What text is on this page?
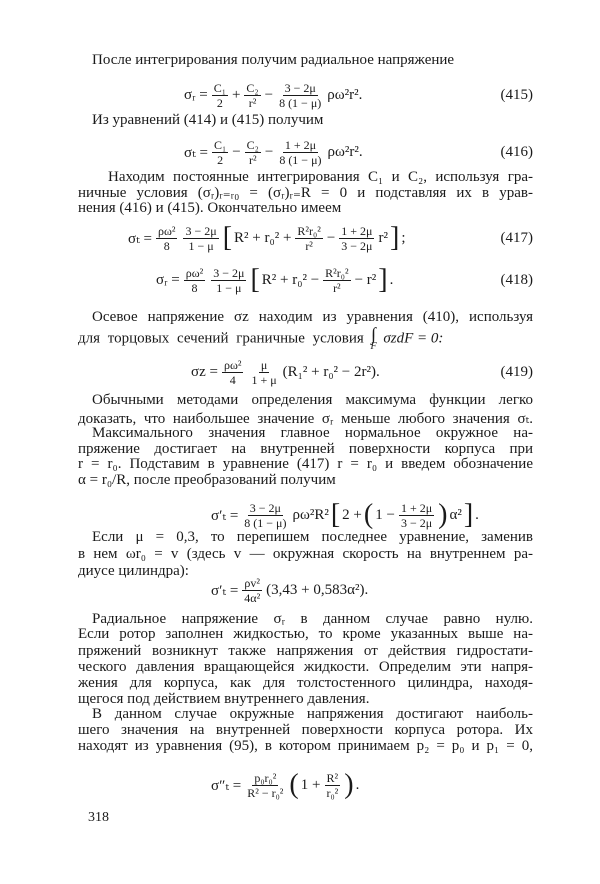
После интегрирования получим радиальное напряжение
σᵣ = $\frac{\text{C₁}}{2} + \frac{\text{C₂}}{\text{r²}} - \frac{3 - 2\mu}{8 (1 - \mu)} \rho\omega^2r^2$.	(415)
Из уравнений (414) и (415) получим
$\sigma_t = \frac{\text{C₁}}{2} - \frac{\text{C₂}}{\text{r²}} - \frac{1 + 2\mu}{8 (1 - \mu)} \rho\omega^2r^2$.	(416)
Находим постоянные интегрирования C₁ и C₂, используя гра-
ничные условия (σᵣ)ᵣ₌ᵣ₀ = (σᵣ)ᵣ₌R = 0 и подставляя их в урав-
нения (416) и (415). Окончательно имеем
$\sigma_t = \frac{\text{ρω²}}{8} \frac{3 - 2\mu}{1 - \mu}$ [ $R^2 + r_0^2 + \frac{\text{R²r₀²}}{\text{r²}} - \frac{1 + 2\mu}{3 - 2\mu} r^2$ ] ;	(417)
σᵣ = $\frac{\text{ρω²}}{8} \frac{3 - 2\mu}{1 - \mu}$ [ $R^2 + r_0^2 - \frac{\text{R²r₀²}}{\text{r²}} - r^2$ ] .	(418)
Осевое напряжение σz находим из уравнения (410), используя
для торцовых сечений граничные условия ∫
F
σzdF = 0:
$\sigma z = \frac{\text{ρω²}}{4} \frac{\mu}{1 + \mu} (R_1^2 + r_0^2 - 2r^2)$.	(419)
Обычными методами определения максимума функции легко
доказать, что наибольшее значение σᵣ меньше любого значения σₜ.
Максимального значения главное нормальное окружное на-
пряжение достигает на внутренней поверхности корпуса при
r = r₀. Подставим в уравнение (417) r = r₀ и введем обозначение
α = r₀/R, после преобразований получим
$\sigma'_t = \frac{3 - 2\mu}{8 (1 - \mu)} \rho\omega^2R^2$ [ 2 + ( $1 - \frac{1 + 2\mu}{3 - 2\mu}$ ) α² ] .
Если μ = 0,3, то перепишем последнее уравнение, заменив
в нем ωr₀ = v (здесь v — окружная скорость на внутреннем ра-
диусе цилиндра):
$\sigma'_t = \frac{\text{ρv²}}{\text{4α²}} (3,43 + 0,583\alpha^2)$.
Радиальное напряжение σᵣ в данном случае равно нулю.
Если ротор заполнен жидкостью, то кроме указанных выше на-
пряжений возникнут также напряжения от действия гидростати-
ческого давления вращающейся жидкости. Определим эти напря-
жения для корпуса, как для толстостенного цилиндра, находя-
щегося под действием внутреннего давления.
В данном случае окружные напряжения достигают наиболь-
шего значения на внутренней поверхности корпуса ротора. Их
находят из уравнения (95), в котором принимаем p₂ = p₀ и p₁ = 0,
$\sigma''_t = \frac{\text{p₀r₀²}}{\text{R² − r₀²}}$ ( $1 + \frac{\text{R²}}{\text{r₀²}}$ ) .
318
